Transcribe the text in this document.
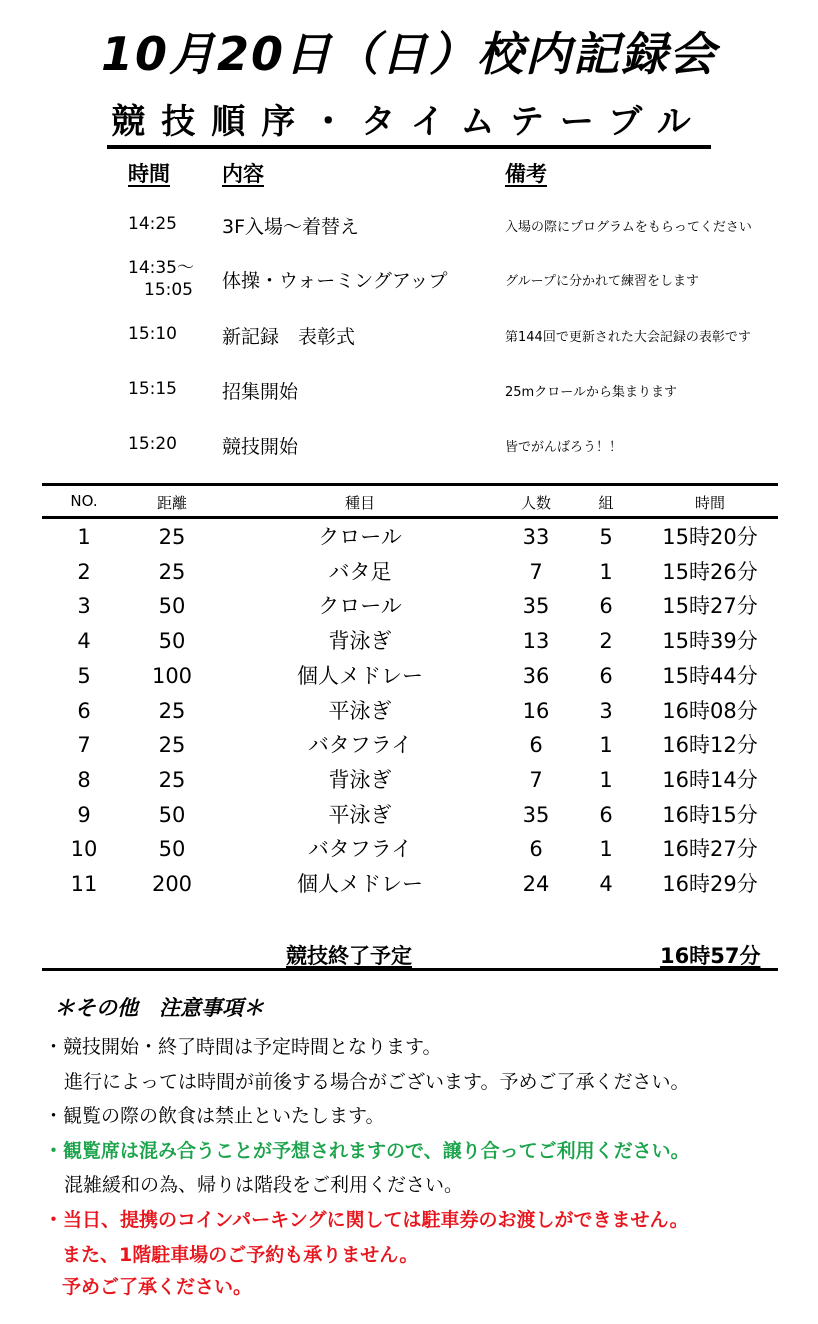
10月20日（日）校内記録会
競技順序・タイムテーブル
時間 内容	備考
14:25 3F入場～着替え	入場の際にプログラムをもらってください
14:35～
15:05 体操・ウォーミングアップ	グループに分かれて練習をします
15:10 新記録　表彰式	第144回で更新された大会記録の表彰です
15:15 招集開始	25mクロールから集まります
15:20 競技開始	皆でがんばろう！！
NO.	距離	種目	人数	組	時間
1	25	クロール	33	5	15時20分
2	25	バタ足	7	1	15時26分
3	50	クロール	35	6	15時27分
4	50	背泳ぎ	13	2	15時39分
5	100	個人メドレー	36	6	15時44分
6	25	平泳ぎ	16	3	16時08分
7	25	バタフライ	6	1	16時12分
8	25	背泳ぎ	7	1	16時14分
9	50	平泳ぎ	35	6	16時15分
10	50	バタフライ	6	1	16時27分
11	200	個人メドレー	24	4	16時29分
競技終了予定	16時57分
＊その他　注意事項＊
・競技開始・終了時間は予定時間となります。
進行によっては時間が前後する場合がございます。予めご了承ください。
・観覧の際の飲食は禁止といたします。
・観覧席は混み合うことが予想されますので、譲り合ってご利用ください。
混雑緩和の為、帰りは階段をご利用ください。
・当日、提携のコインパーキングに関しては駐車券のお渡しができません。
また、1階駐車場のご予約も承りません。
予めご了承ください。
